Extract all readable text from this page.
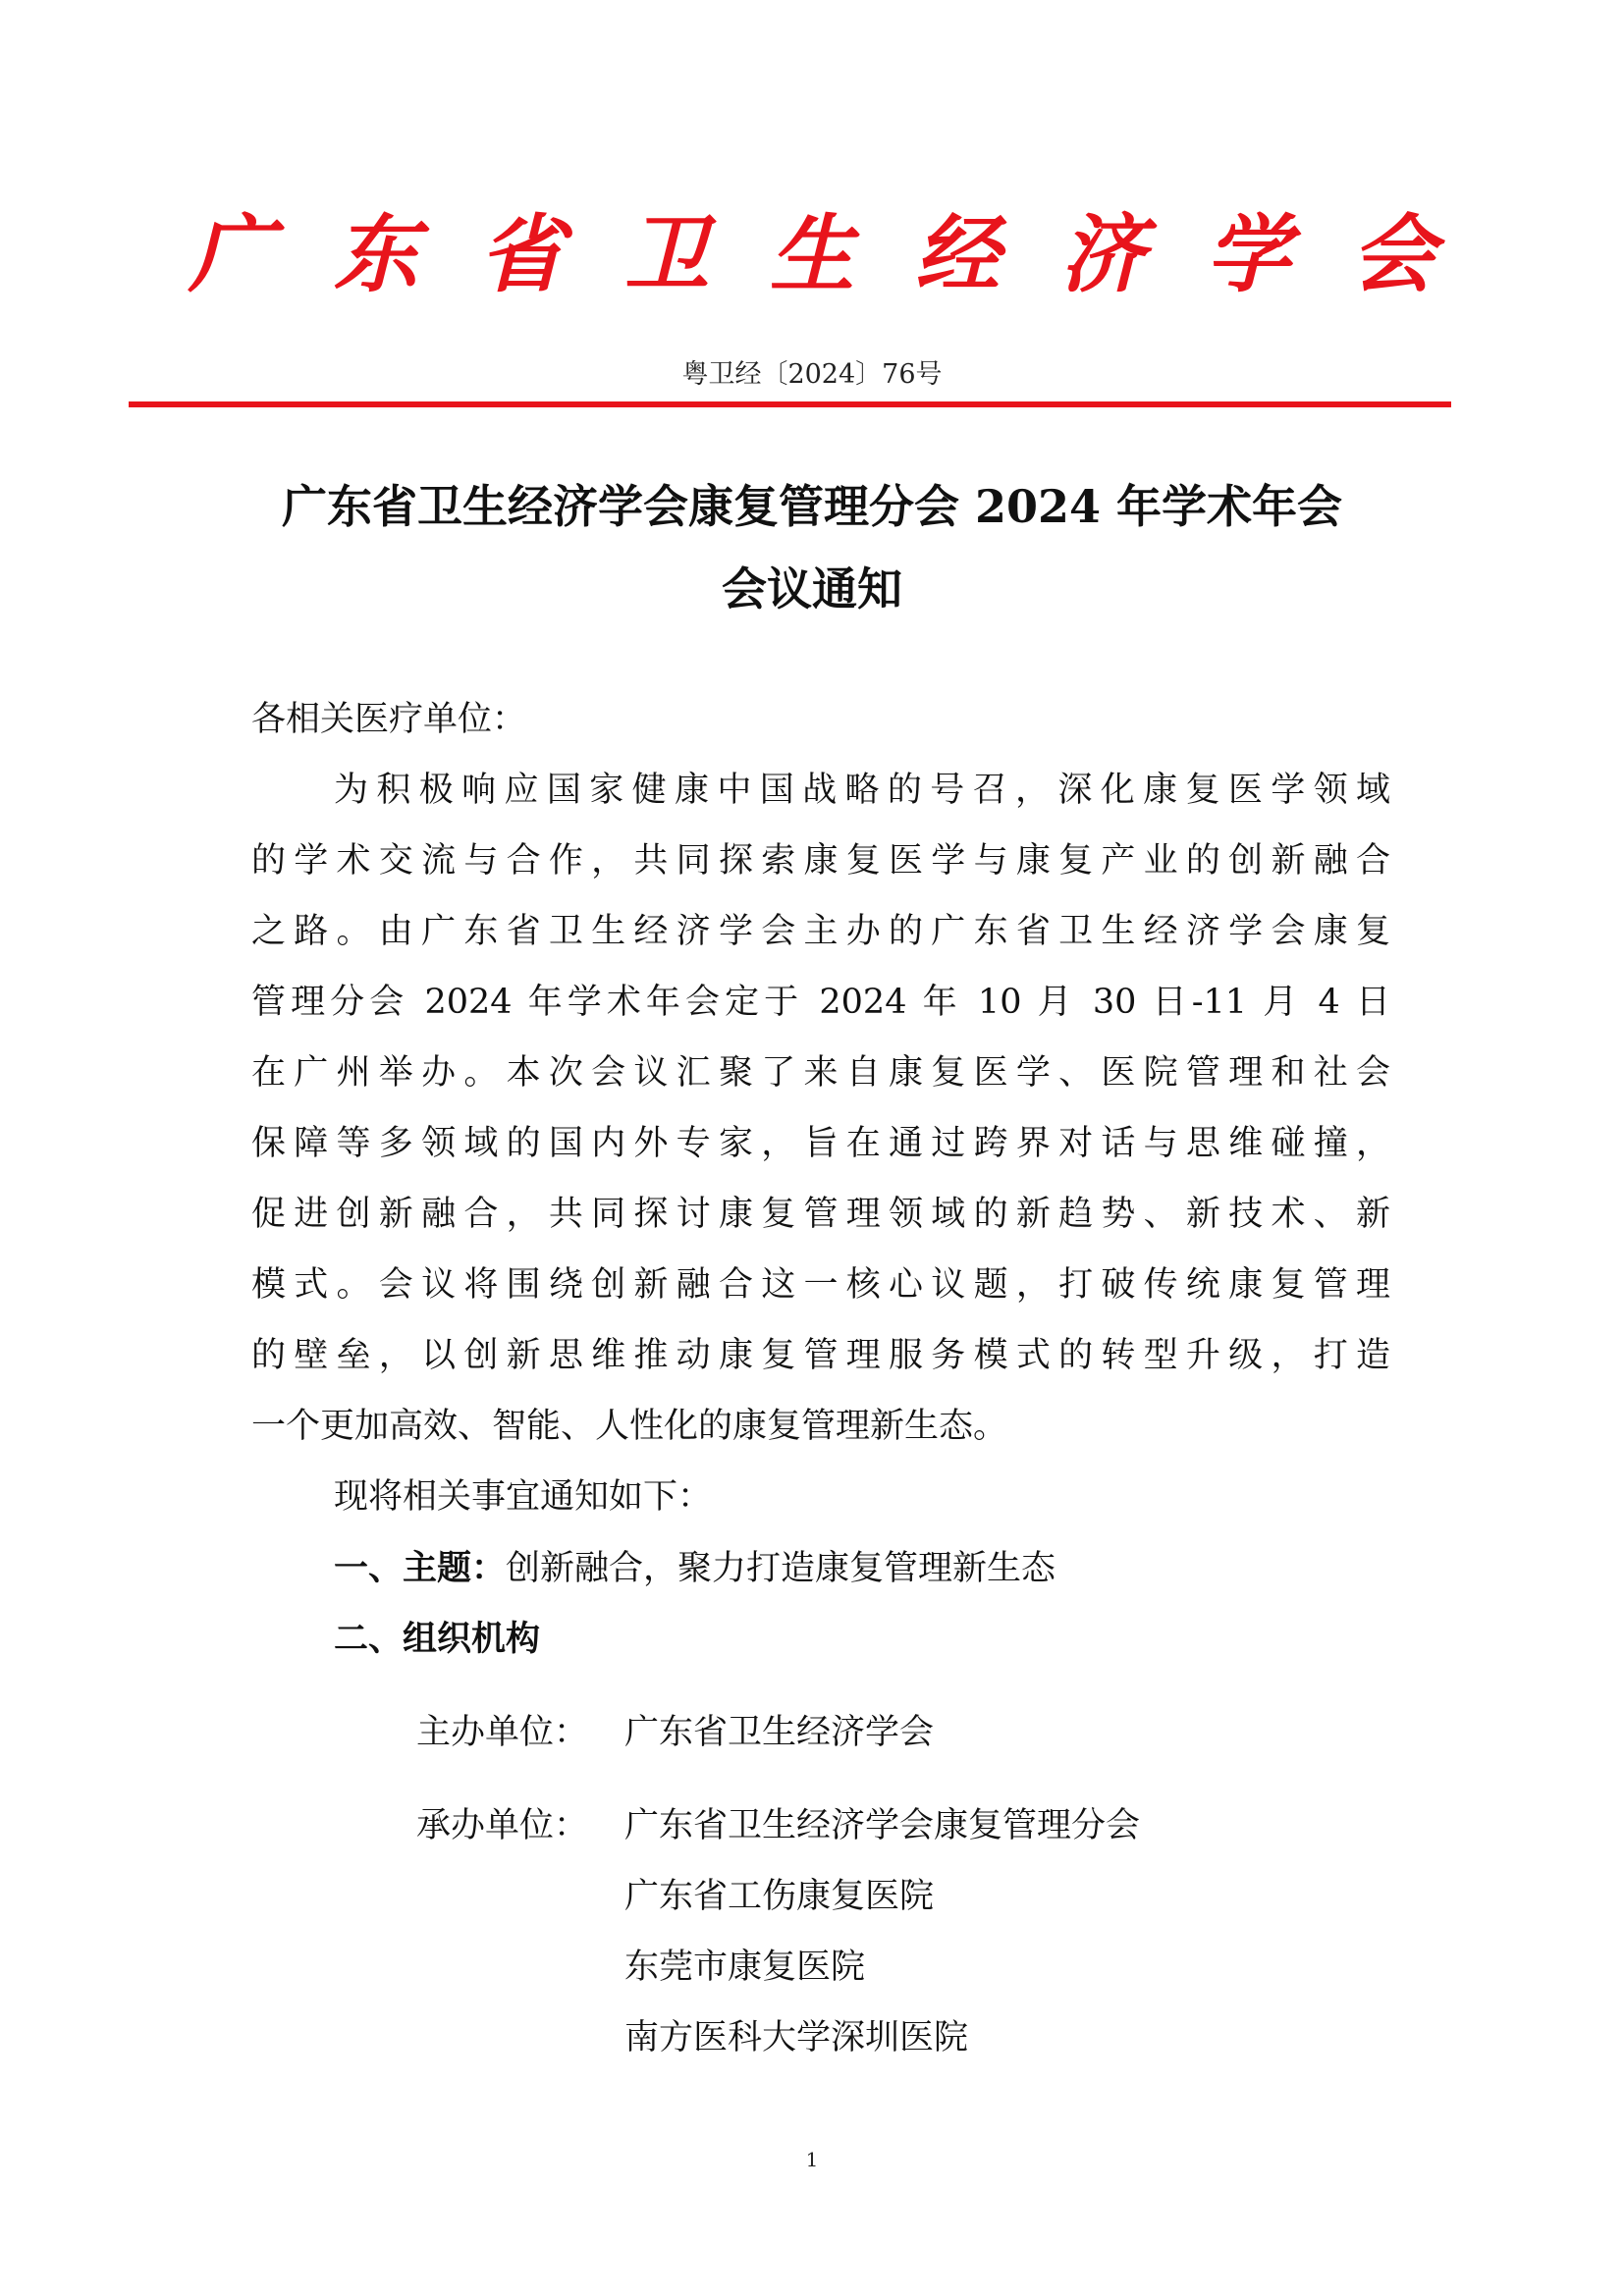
广东省卫生经济学会
粤卫经〔2024〕76号
广东省卫生经济学会康复管理分会 2024 年学术年会
会议通知
各相关医疗单位：
为积极响应国家健康中国战略的号召，深化康复医学领域
的学术交流与合作，共同探索康复医学与康复产业的创新融合
之路。由广东省卫生经济学会主办的广东省卫生经济学会康复
管理分会 2024 年学术年会定于 2024 年 10 月 30 日-11 月 4 日
在广州举办。本次会议汇聚了来自康复医学、医院管理和社会
保障等多领域的国内外专家，旨在通过跨界对话与思维碰撞，
促进创新融合，共同探讨康复管理领域的新趋势、新技术、新
模式。会议将围绕创新融合这一核心议题，打破传统康复管理
的壁垒，以创新思维推动康复管理服务模式的转型升级，打造
一个更加高效、智能、人性化的康复管理新生态。
现将相关事宜通知如下：
一、主题：创新融合，聚力打造康复管理新生态
二、组织机构
主办单位：	广东省卫生经济学会
承办单位：	广东省卫生经济学会康复管理分会
广东省工伤康复医院
东莞市康复医院
南方医科大学深圳医院
1
